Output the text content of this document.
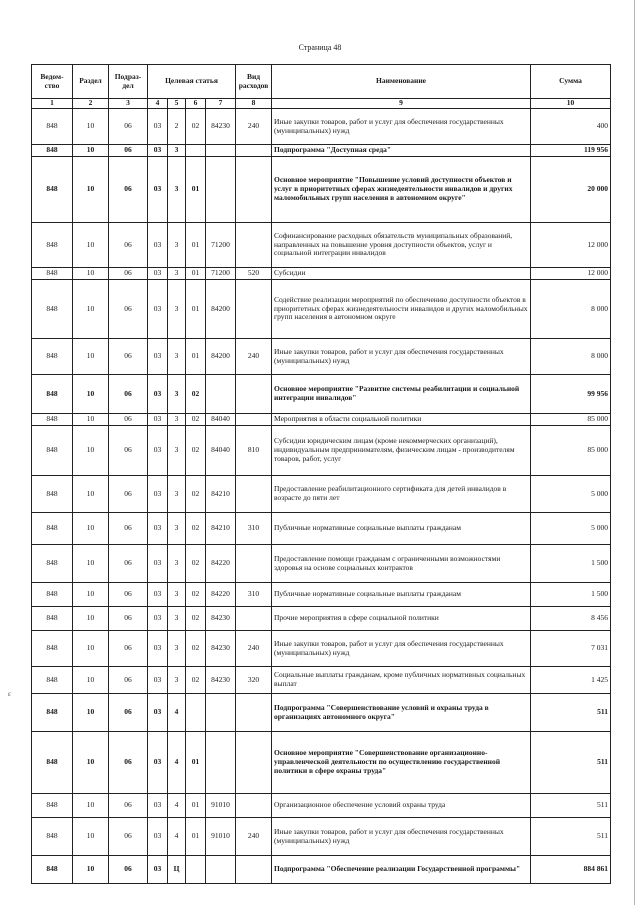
Страница 48
ɛ
Ведом-ство	Раздел	Подраз-дел	Целевая статья				Вид расходов	Наименование	Сумма
1	2	3	4	5	6	7	8	9	10
848	10	06	03	2	02	84230	240	Иные закупки товаров, работ и услуг для обеспечения государственных (муниципальных) нужд	400
848	10	06	03	3				Подпрограмма "Доступная среда"	119 956
848	10	06	03	3	01			Основное мероприятие "Повышение условий доступности объектов и услуг в приоритетных сферах жизнедеятельности инвалидов и других маломобильных групп населения в автономном округе"	20 000
848	10	06	03	3	01	71200		Софинансирование расходных обязательств муниципальных образований, направленных на повышение уровня доступности объектов, услуг и социальной интеграции инвалидов	12 000
848	10	06	03	3	01	71200	520	Субсидии	12 000
848	10	06	03	3	01	84200		Содействие реализации мероприятий по обеспечению доступности объектов в приоритетных сферах жизнедеятельности инвалидов и других маломобильных групп населения в автономном округе	8 000
848	10	06	03	3	01	84200	240	Иные закупки товаров, работ и услуг для обеспечения государственных (муниципальных) нужд	8 000
848	10	06	03	3	02			Основное мероприятие "Развитие системы реабилитации и социальной интеграции инвалидов"	99 956
848	10	06	03	3	02	84040		Мероприятия в области социальной политики	85 000
848	10	06	03	3	02	84040	810	Субсидии юридическим лицам (кроме некоммерческих организаций), индивидуальным предпринимателям, физическим лицам - производителям товаров, работ, услуг	85 000
848	10	06	03	3	02	84210		Предоставление реабилитационного сертификата для детей инвалидов в возрасте до пяти лет	5 000
848	10	06	03	3	02	84210	310	Публичные нормативные социальные выплаты гражданам	5 000
848	10	06	03	3	02	84220		Предоставление помощи гражданам с ограниченными возможностями здоровья на основе социальных контрактов	1 500
848	10	06	03	3	02	84220	310	Публичные нормативные социальные выплаты гражданам	1 500
848	10	06	03	3	02	84230		Прочие мероприятия в сфере социальной политики	8 456
848	10	06	03	3	02	84230	240	Иные закупки товаров, работ и услуг для обеспечения государственных (муниципальных) нужд	7 031
848	10	06	03	3	02	84230	320	Социальные выплаты гражданам, кроме публичных нормативных социальных выплат	1 425
848	10	06	03	4				Подпрограмма "Совершенствование условий и охраны труда в организациях автономного округа"	511
848	10	06	03	4	01			Основное мероприятие "Совершенствование организационно-управленческой деятельности по осуществлению государственной политики в сфере охраны труда"	511
848	10	06	03	4	01	91010		Организационное обеспечение условий охраны труда	511
848	10	06	03	4	01	91010	240	Иные закупки товаров, работ и услуг для обеспечения государственных (муниципальных) нужд	511
848	10	06	03	Ц				Подпрограмма "Обеспечение реализации Государственной программы"	884 861
